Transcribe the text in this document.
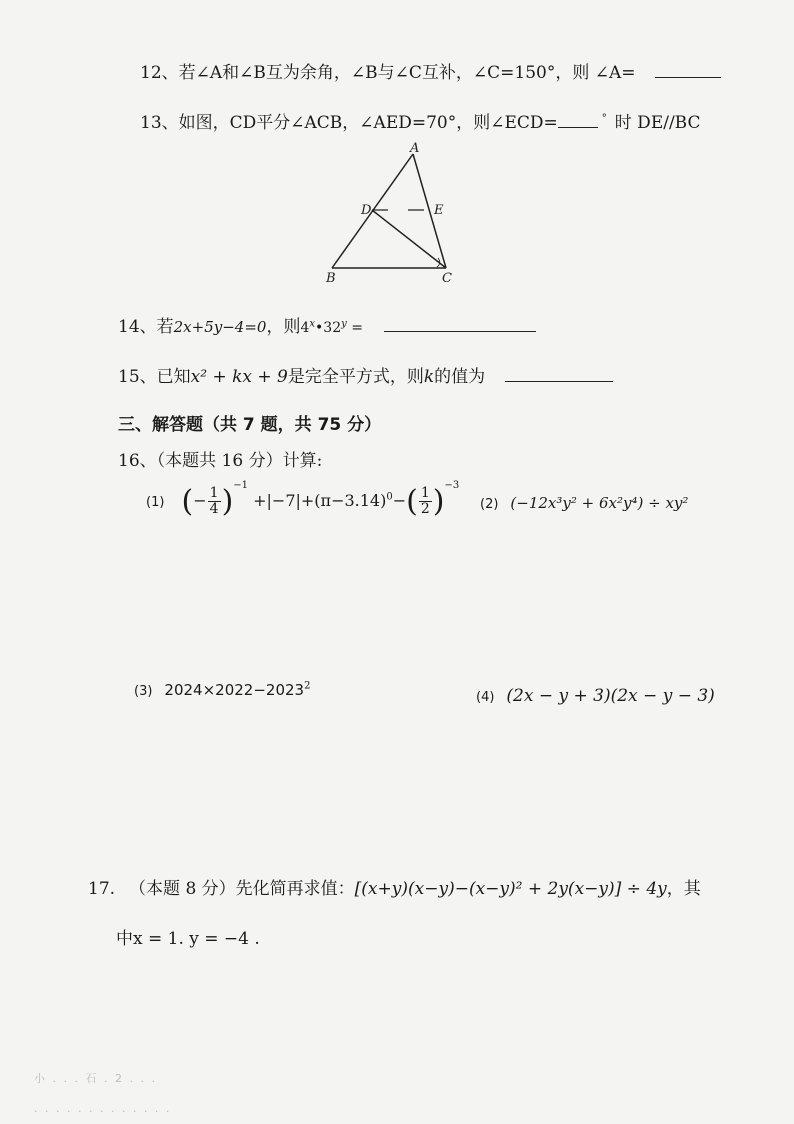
12、若∠A和∠B互为余角，∠B与∠C互补，∠C=150°，则 ∠A=
13、如图，CD平分∠ACB，∠AED=70°，则∠ECD=	° 时 DE//BC
A
D	E
B	C
14、若2x+5y−4=0，则$4^x•32^y$ =
15、已知x² + kx + 9是完全平方式，则k的值为
三、解答题（共 7 题，共 75 分）
16、（本题共 16 分）计算:
(1) (− $\frac{1}{4} )^{-1} +|-7|+(\pi-3.14)^0-( \frac{1}{2} )^{-3}$
(2) (−12x³y² + 6x²y⁴) ÷ xy²
(3) $2024\times 2022-2023^2$
(4) (2x − y + 3)(2x − y − 3)
17. （本题 8 分）先化简再求值：[(x+y)(x−y)−(x−y)² + 2y(x−y)] ÷ 4y，其
中x = 1. y = −4 .
小 . . . 石 . 2 . . .
. . . . . . . . . . . . .
